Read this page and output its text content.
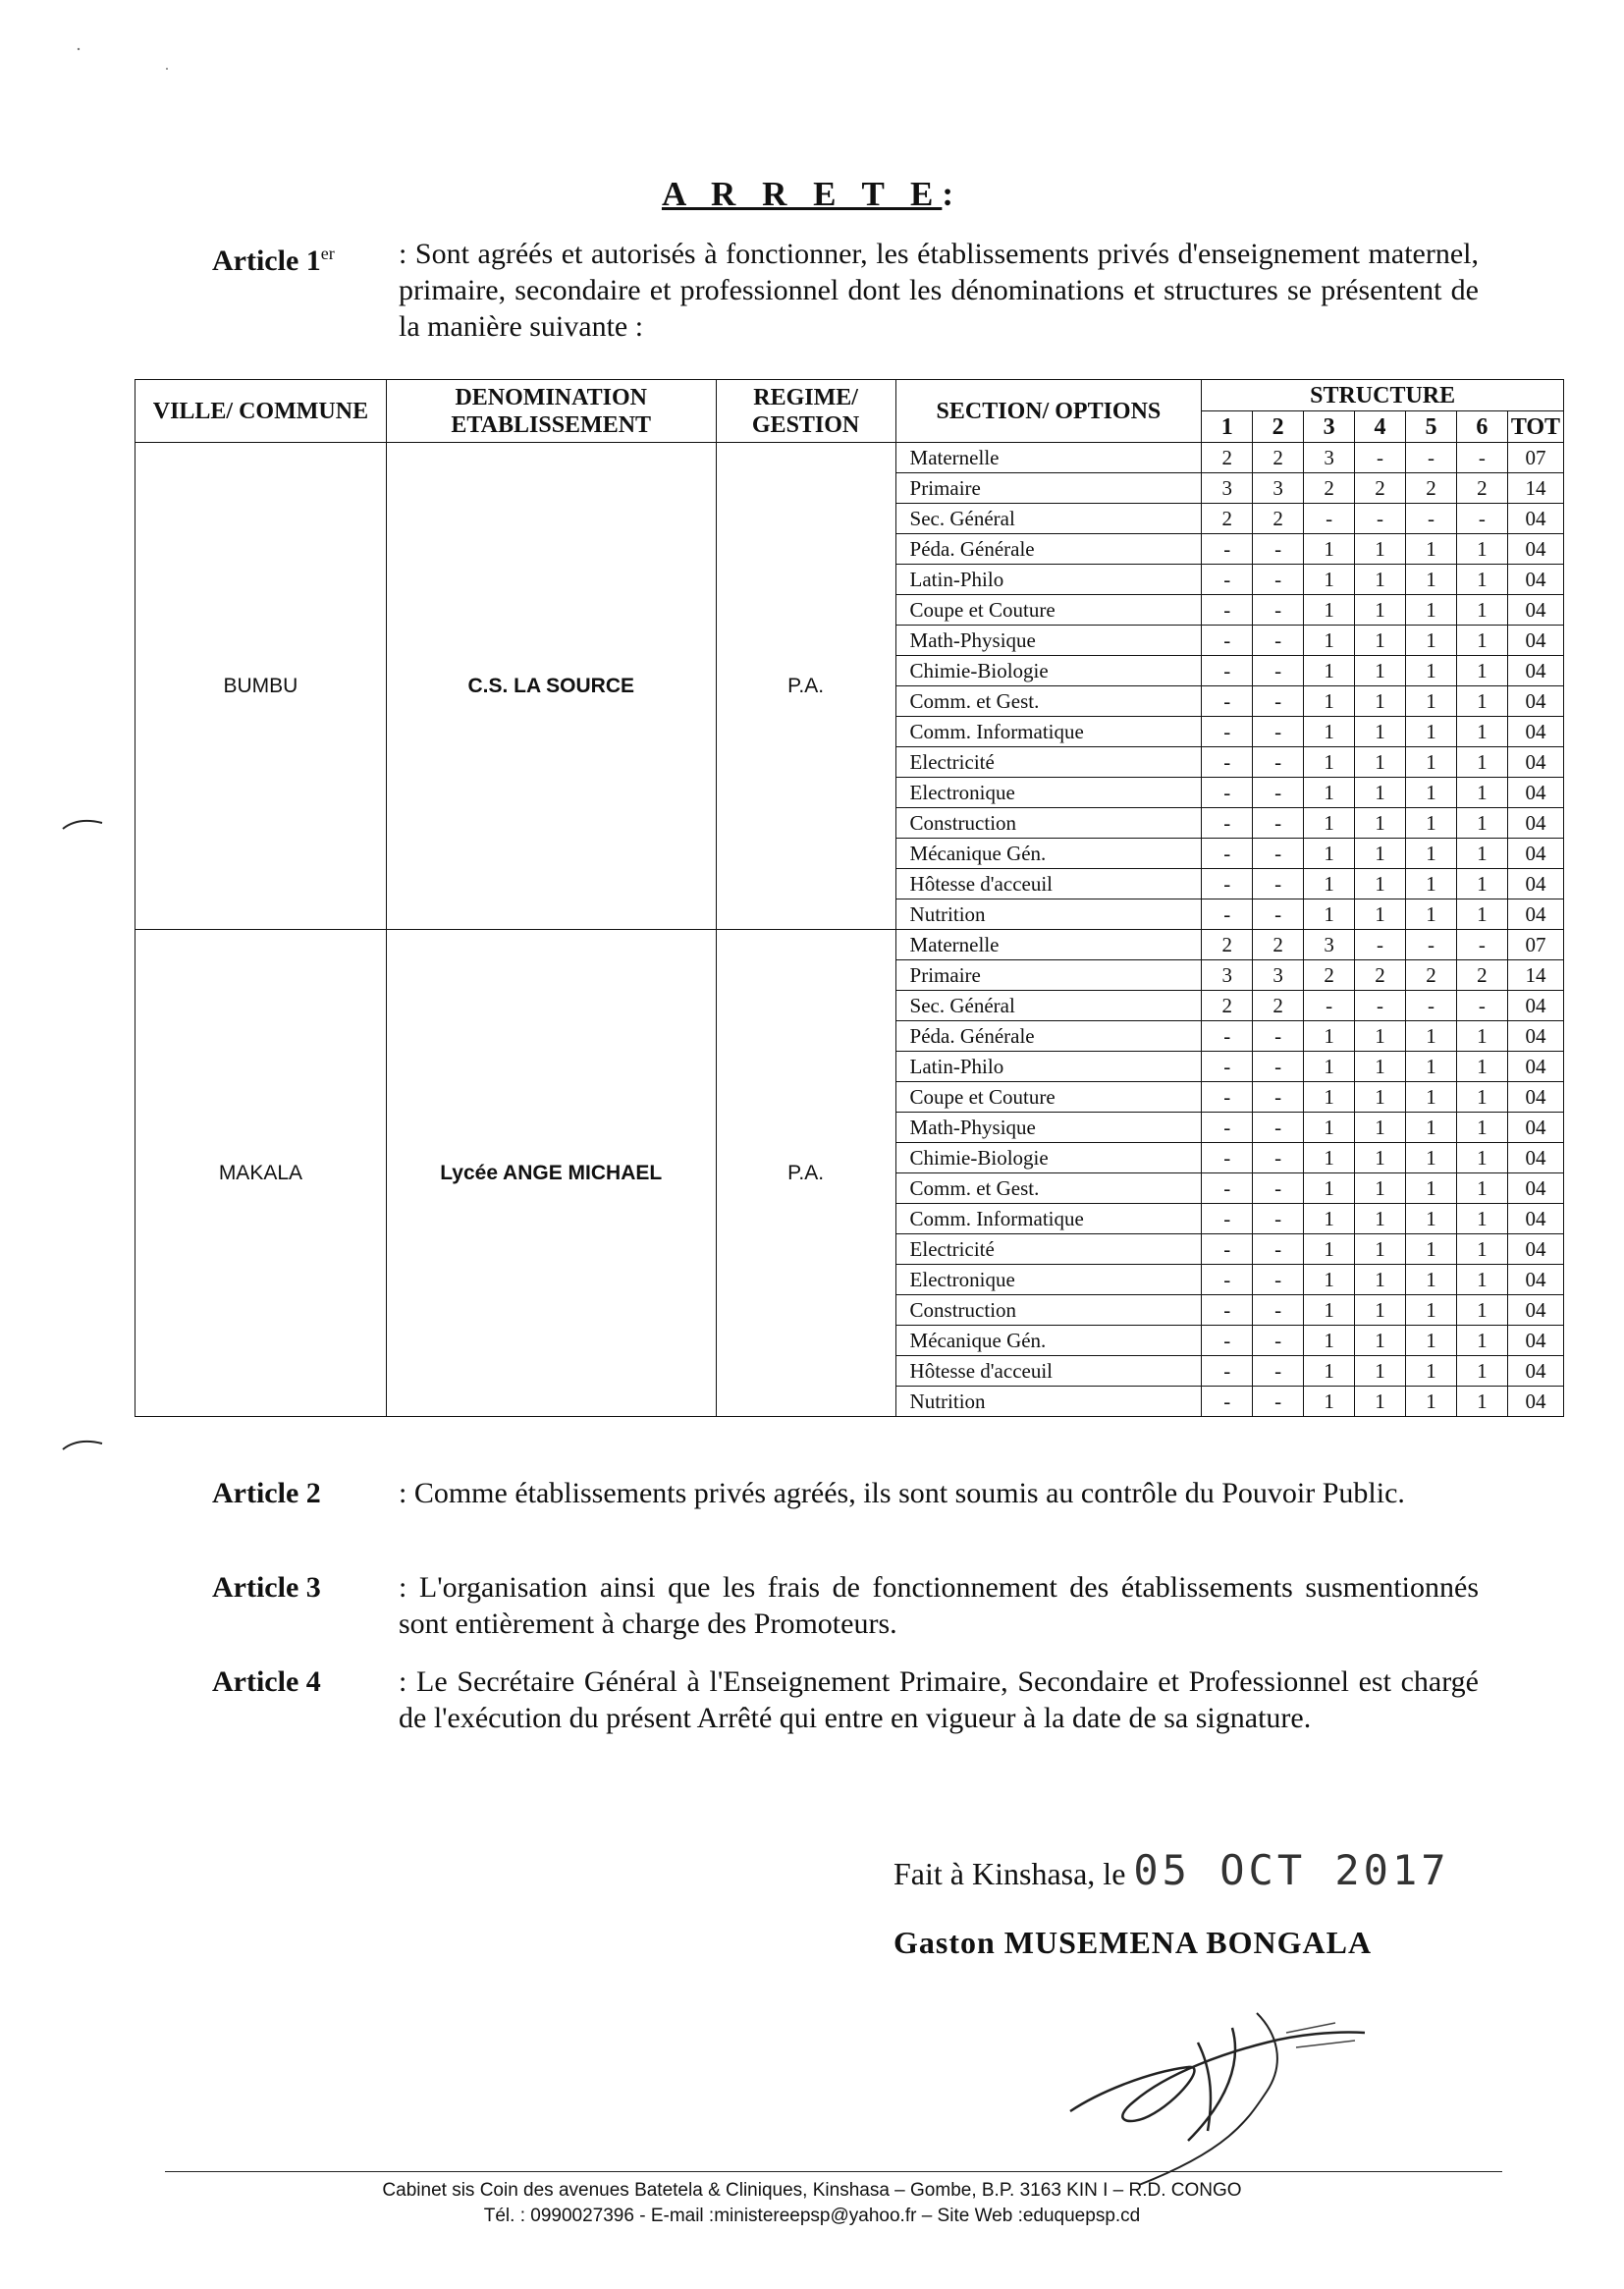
A R R E T E:
Article 1er	: Sont agréés et autorisés à fonctionner, les établissements privés d'enseignement maternel, primaire, secondaire et professionnel dont les dénominations et structures se présentent de la manière suivante :
VILLE/ COMMUNE	DENOMINATION ETABLISSEMENT	REGIME/ GESTION	SECTION/ OPTIONS	STRUCTURE						
				1	2	3	4	5	6	TOT
BUMBU	C.S. LA SOURCE	P.A.	Maternelle	2	2	3	-	-	-	07
			Primaire	3	3	2	2	2	2	14
			Sec. Général	2	2	-	-	-	-	04
			Péda. Générale	-	-	1	1	1	1	04
			Latin-Philo	-	-	1	1	1	1	04
			Coupe et Couture	-	-	1	1	1	1	04
			Math-Physique	-	-	1	1	1	1	04
			Chimie-Biologie	-	-	1	1	1	1	04
			Comm. et Gest.	-	-	1	1	1	1	04
			Comm. Informatique	-	-	1	1	1	1	04
			Electricité	-	-	1	1	1	1	04
			Electronique	-	-	1	1	1	1	04
			Construction	-	-	1	1	1	1	04
			Mécanique Gén.	-	-	1	1	1	1	04
			Hôtesse d'acceuil	-	-	1	1	1	1	04
			Nutrition	-	-	1	1	1	1	04
MAKALA	Lycée ANGE MICHAEL	P.A.	Maternelle	2	2	3	-	-	-	07
			Primaire	3	3	2	2	2	2	14
			Sec. Général	2	2	-	-	-	-	04
			Péda. Générale	-	-	1	1	1	1	04
			Latin-Philo	-	-	1	1	1	1	04
			Coupe et Couture	-	-	1	1	1	1	04
			Math-Physique	-	-	1	1	1	1	04
			Chimie-Biologie	-	-	1	1	1	1	04
			Comm. et Gest.	-	-	1	1	1	1	04
			Comm. Informatique	-	-	1	1	1	1	04
			Electricité	-	-	1	1	1	1	04
			Electronique	-	-	1	1	1	1	04
			Construction	-	-	1	1	1	1	04
			Mécanique Gén.	-	-	1	1	1	1	04
			Hôtesse d'acceuil	-	-	1	1	1	1	04
			Nutrition	-	-	1	1	1	1	04
Article 2	: Comme établissements privés agréés, ils sont soumis au contrôle du Pouvoir Public.
Article 3	: L'organisation ainsi que les frais de fonctionnement des établissements susmentionnés sont entièrement à charge des Promoteurs.
Article 4	: Le Secrétaire Général à l'Enseignement Primaire, Secondaire et Professionnel est chargé de l'exécution du présent Arrêté qui entre en vigueur à la date de sa signature.
Fait à Kinshasa, le 05 OCT 2017
Gaston MUSEMENA BONGALA
Cabinet sis Coin des avenues Batetela & Cliniques, Kinshasa – Gombe, B.P. 3163 KIN I – R.D. CONGO
Tél. : 0990027396 - E-mail :ministereepsp@yahoo.fr – Site Web :eduquepsp.cd
